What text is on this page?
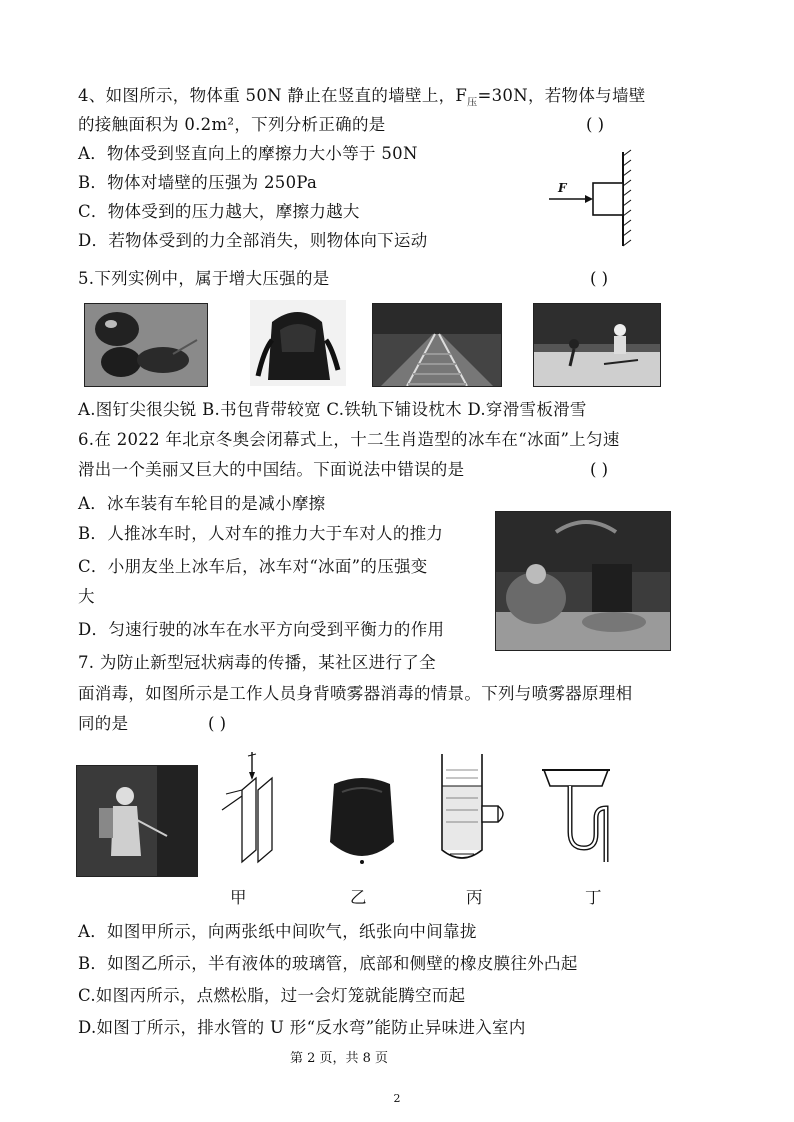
4、如图所示，物体重 50N 静止在竖直的墙壁上，$F_压=30N$，若物体与墙壁
的接触面积为 0.2m²，下列分析正确的是	( )
A．物体受到竖直向上的摩擦力大小等于 50N
B．物体对墙壁的压强为 250Pa
C．物体受到的压力越大，摩擦力越大
D．若物体受到的力全部消失，则物体向下运动
F
5.下列实例中，属于增大压强的是	( )
A.图钉尖很尖锐 B.书包背带较宽 C.铁轨下铺设枕木 D.穿滑雪板滑雪
6.在 2022 年北京冬奥会闭幕式上，十二生肖造型的冰车在“冰面”上匀速
滑出一个美丽又巨大的中国结。下面说法中错误的是	( )
A．冰车装有车轮目的是减小摩擦
B．人推冰车时，人对车的推力大于车对人的推力
C．小朋友坐上冰车后，冰车对“冰面”的压强变
大
D．匀速行驶的冰车在水平方向受到平衡力的作用
7. 为防止新型冠状病毒的传播，某社区进行了全
面消毒，如图所示是工作人员身背喷雾器消毒的情景。下列与喷雾器原理相
同的是	( )
甲	乙	丙	丁
A．如图甲所示，向两张纸中间吹气，纸张向中间靠拢
B．如图乙所示，半有液体的玻璃管，底部和侧壁的橡皮膜往外凸起
C.如图丙所示，点燃松脂，过一会灯笼就能腾空而起
D.如图丁所示，排水管的 U 形“反水弯”能防止异味进入室内
第 2 页，共 8 页
2
